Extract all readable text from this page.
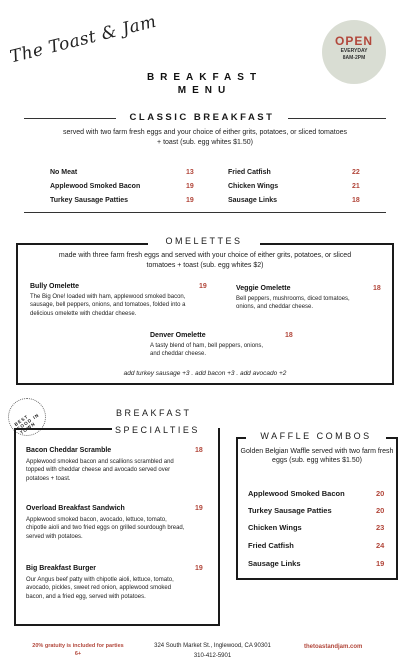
The Toast & Jam	OPEN
EVERYDAY
8AM-2PM
BREAKFAST
MENU
CLASSIC BREAKFAST
served with two farm fresh eggs and your choice of either grits, potatoes, or sliced tomatoes + toast (sub. egg whites $1.50)
No Meat	13
Applewood Smoked Bacon	19
Turkey Sausage Patties	19
Fried Catfish	22
Chicken Wings	21
Sausage Links	18
OMELETTES
made with three farm fresh eggs and served with your choice of either grits, potatoes, or sliced tomatoes + toast (sub. egg whites $2)
Bully Omelette
The Big One! loaded with ham, applewood smoked bacon, sausage, bell peppers, onions, and tomatoes, folded into a delicious omelette with cheddar cheese.
19	Veggie Omelette
Bell peppers, mushrooms, diced tomatoes, onions, and cheddar cheese.
18
Denver Omelette
A tasty blend of ham, bell peppers, onions, and cheddar cheese.
18
add turkey sausage +3 . add bacon +3 . add avocado +2
BEST FOOD IN TOWN
BREAKFAST
SPECIALTIES
Bacon Cheddar Scramble
Applewood smoked bacon and scallions scrambled and topped with cheddar cheese and avocado served over potatoes + toast.
18
Overload Breakfast Sandwich
Applewood smoked bacon, avocado, lettuce, tomato, chipotle aioli and two fried eggs on grilled sourdough bread, served with potatoes.
19
Big Breakfast Burger
Our Angus beef patty with chipotle aioli, lettuce, tomato, avocado, pickles, sweet red onion, applewood smoked bacon, and a fried egg, served with potatoes.
19
WAFFLE COMBOS
Golden Belgian Waffle served with two farm fresh eggs (sub. egg whites $1.50)
Applewood Smoked Bacon	20
Turkey Sausage Patties	20
Chicken Wings	23
Fried Catfish	24
Sausage Links	19
20% gratuity is included for parties 6+
324 South Market St., Inglewood, CA 90301
310-412-5901
thetoastandjam.com
